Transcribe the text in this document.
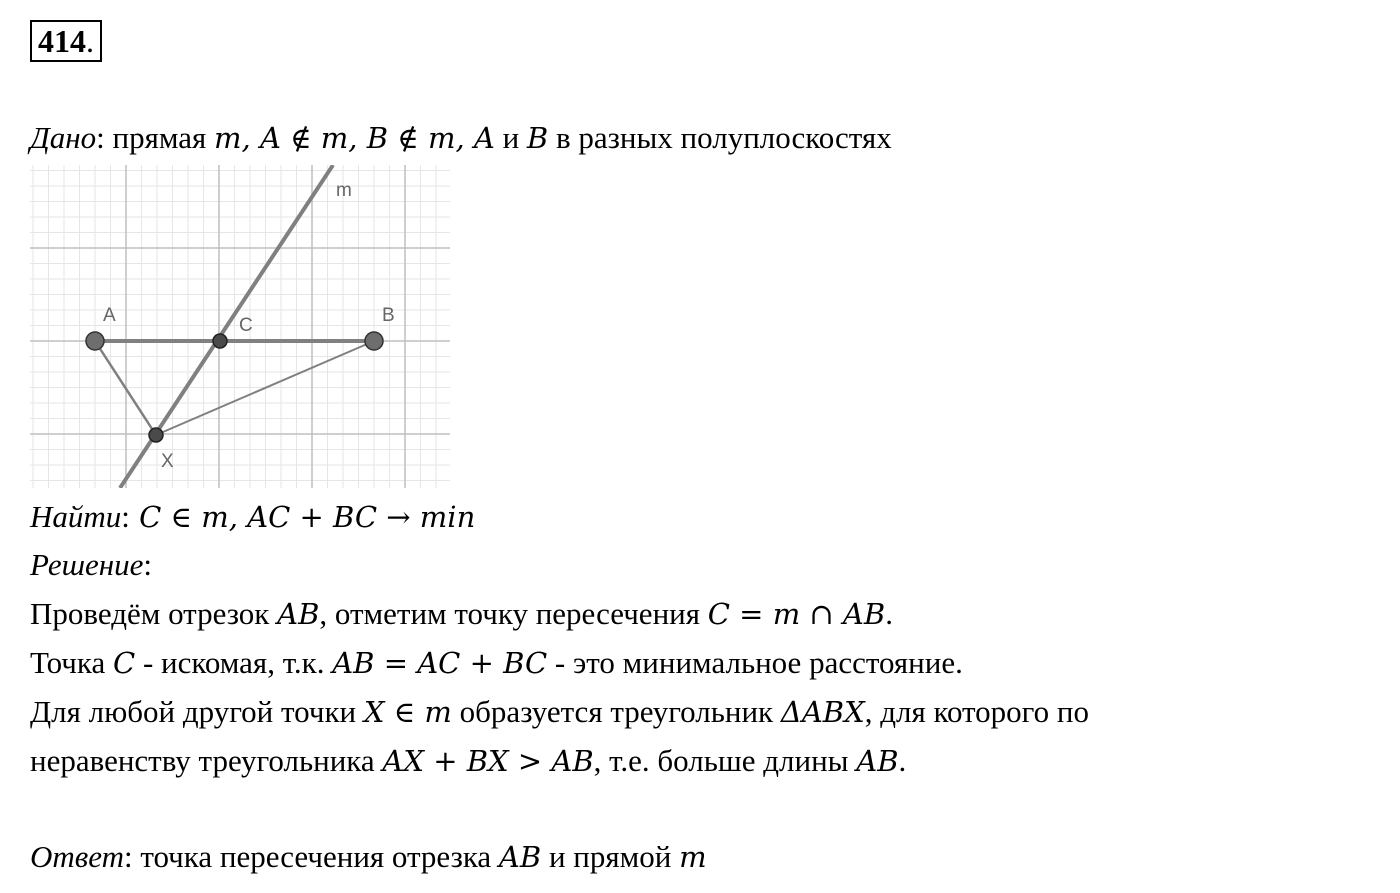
414.
Дано: прямая m, A ∉ m, B ∉ m, A и B в разных полуплоскостях
m
A	B
C
X
Найти: C ∈ m, AC + BC → min
Решение:
Проведём отрезок AB, отметим точку пересечения C = m ∩ AB.
Точка C - искомая, т.к. AB = AC + BC - это минимальное расстояние.
Для любой другой точки X ∈ m образуется треугольник ΔABX, для которого по
неравенству треугольника AX + BX > AB, т.е. больше длины AB.
Ответ: точка пересечения отрезка AB и прямой m
